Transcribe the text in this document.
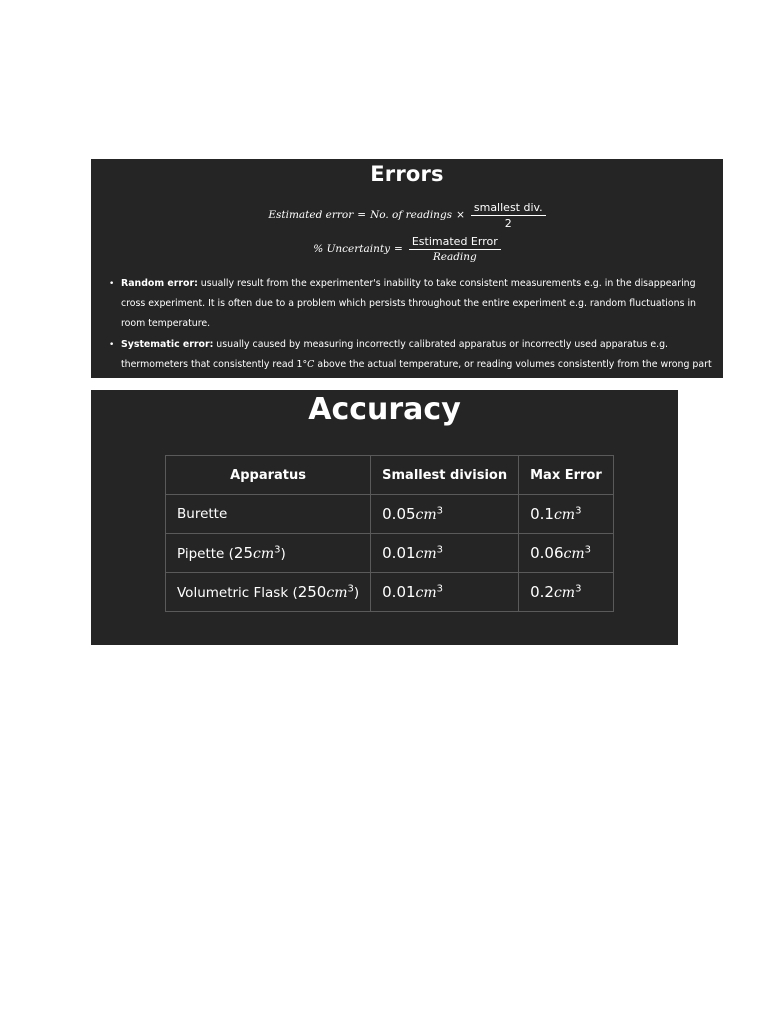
Errors
Estimated error = No. of readings × $\frac{\text{smallest div.}}{2}$
% Uncertainty = $\frac{\text{Estimated Error}}{\text{Reading}}$
• Random error: usually result from the experimenter's inability to take consistent measurements e.g. in the disappearing cross experiment. It is often due to a problem which persists throughout the entire experiment e.g. random fluctuations in room temperature.
• Systematic error: usually caused by measuring incorrectly calibrated apparatus or incorrectly used apparatus e.g. thermometers that consistently read 1°C above the actual temperature, or reading volumes consistently from the wrong part of the meniscus.
Accuracy
Apparatus	Smallest division	Max Error
Burette	$0.05cm^3$	$0.1cm^3$
Pipette $(25cm^3)$	$0.01cm^3$	$0.06cm^3$
Volumetric Flask $(250cm^3)$	$0.01cm^3$	$0.2cm^3$
